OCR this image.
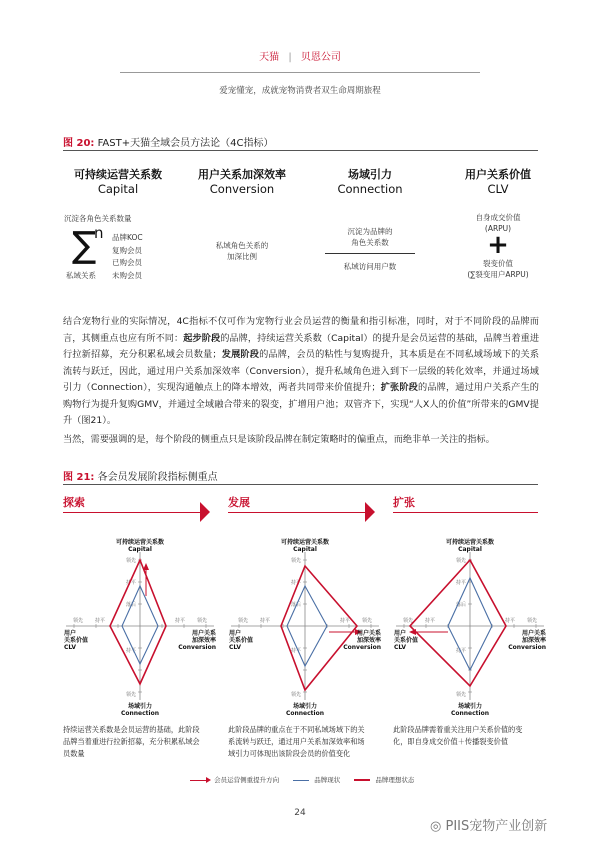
天猫 | 贝恩公司
爱宠懂宠，成就宠物消费者双生命周期旅程
图 20: FAST+天猫全域会员方法论（4C指标）
可持续运营关系数
Capital
用户关系加深效率
Conversion
场域引力
Connection
用户关系价值
CLV
沉淀各角色关系数量
∑
n
私域关系
品牌KOC
复购会员
已购会员
未购会员
私域角色关系的
加深比例
沉淀为品牌的
角色关系数
私域访问用户数
自身成交价值
(ARPU)
+
裂变价值
(∑裂变用户ARPU)
结合宠物行业的实际情况，4C指标不仅可作为宠物行业会员运营的衡量和指引标准，同时，对于不同阶段的品牌而言，其侧重点也应有所不同：起步阶段的品牌，持续运营关系数（Capital）的提升是会员运营的基础，品牌当着重进行拉新招募，充分积累私域会员数量；发展阶段的品牌，会员的粘性与复购提升，其本质是在不同私域场域下的关系流转与跃迁，因此，通过用户关系加深效率（Conversion），提升私域角色进入到下一层级的转化效率，并通过场域引力（Connection），实现沟通触点上的降本增效，两者共同带来价值提升；扩张阶段的品牌，通过用户关系产生的购物行为提升复购GMV，并通过全域融合带来的裂变，扩增用户池；双管齐下，实现“人X人的价值”所带来的GMV提升（图21）。
当然，需要强调的是，每个阶段的侧重点只是该阶段品牌在制定策略时的偏重点，而绝非单一关注的指标。
图 21: 各会员发展阶段指标侧重点
探索	发展	扩张
领先
持平
落后
持平
领先
领先
持平
领先 持平
可持续运营关系数
Capital
场域引力
Connection
用户
关系价值
CLV
用户关系
加深效率
Conversion
领先
持平
落后
持平
领先
领先
持平
领先 持平
可持续运营关系数
Capital
场域引力
Connection
用户
关系价值
CLV
用户关系
加深效率
Conversion
领先
持平
落后
持平
领先
领先
持平
领先 持平
可持续运营关系数
Capital
场域引力
Connection
用户
关系价值
CLV
用户关系
加深效率
Conversion
持续运营关系数是会员运营的基础，此阶段品牌当着重进行拉新招募，充分积累私域会员数量
此阶段品牌的重点在于不同私域场域下的关系流转与跃迁，通过用户关系加深效率和场域引力可体现出该阶段会员的价值变化
此阶段品牌需着重关注用户关系价值的变化，即自身成交价值＋传播裂变价值
会员运营侧重提升方向	品牌现状	品牌理想状态
24
◎ PIIS宠物产业创新
